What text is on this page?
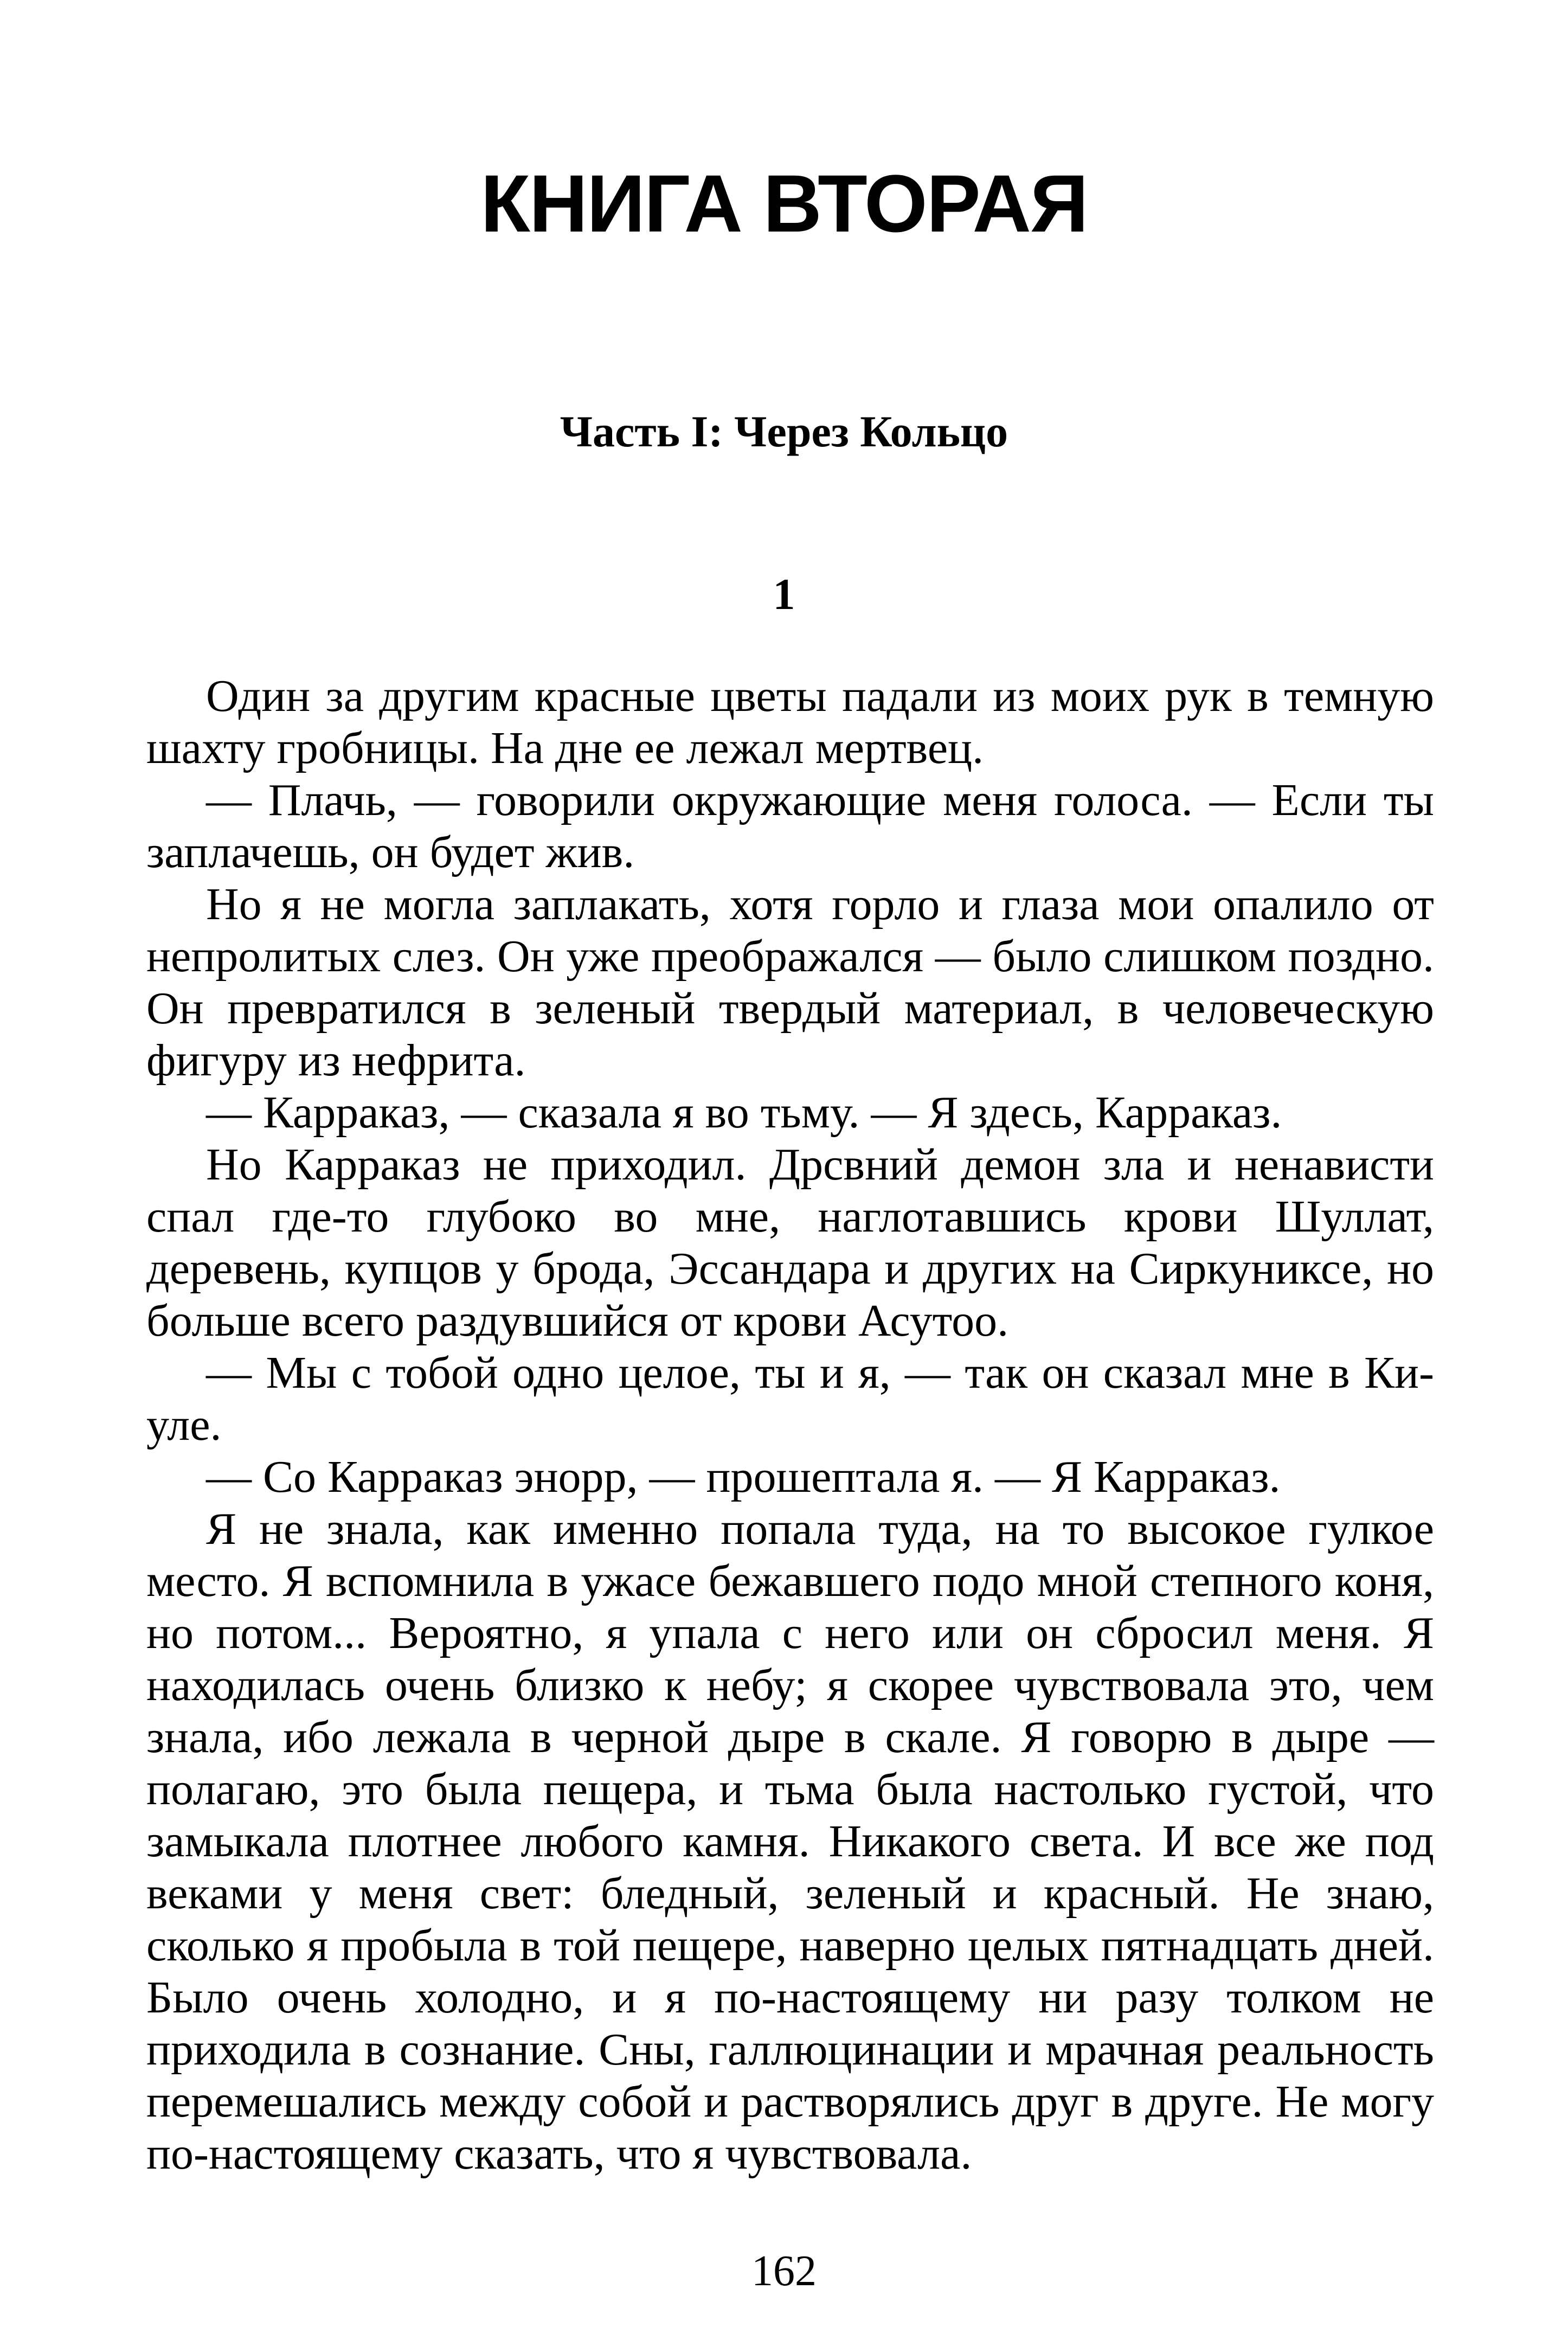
КНИГА ВТОРАЯ
Часть I: Через Кольцо
1

Один за другим красные цветы падали из моих рук в темную шахту гробницы. На дне ее лежал мертвец.

— Плачь, — говорили окружающие меня голоса. — Если ты заплачешь, он будет жив.

Но я не могла заплакать, хотя горло и глаза мои опалило от непролитых слез. Он уже преображался — было слишком поздно. Он превратился в зеленый твердый материал, в человеческую фигуру из нефрита.

— Карраказ, — сказала я во тьму. — Я здесь, Карраказ.

Но Карраказ не приходил. Дрсвний демон зла и ненависти спал где-то глубоко во мне, наглотавшись крови Шуллат, деревень, купцов у брода, Эссандара и других на Сиркуниксе, но больше всего раздувшийся от крови Асутоо.

— Мы с тобой одно целое, ты и я, — так он сказал мне в Ки-уле.

— Со Карраказ энорр, — прошептала я. — Я Карраказ.

Я не знала, как именно попала туда, на то высокое гулкое место. Я вспомнила в ужасе бежавшего подо мной степного коня, но потом... Вероятно, я упала с него или он сбросил меня. Я находилась очень близко к небу; я скорее чувствовала это, чем знала, ибо лежала в черной дыре в скале. Я говорю в дыре — полагаю, это была пещера, и тьма была настолько густой, что замыкала плотнее любого камня. Никакого света. И все же под веками у меня свет: бледный, зеленый и красный. Не знаю, сколько я пробыла в той пещере, наверно целых пятнадцать дней. Было очень холодно, и я по-настоящему ни разу толком не приходила в сознание. Сны, галлюцинации и мрачная реальность перемешались между собой и растворялись друг в друге. Не могу по-настоящему сказать, что я чувствовала.

162
